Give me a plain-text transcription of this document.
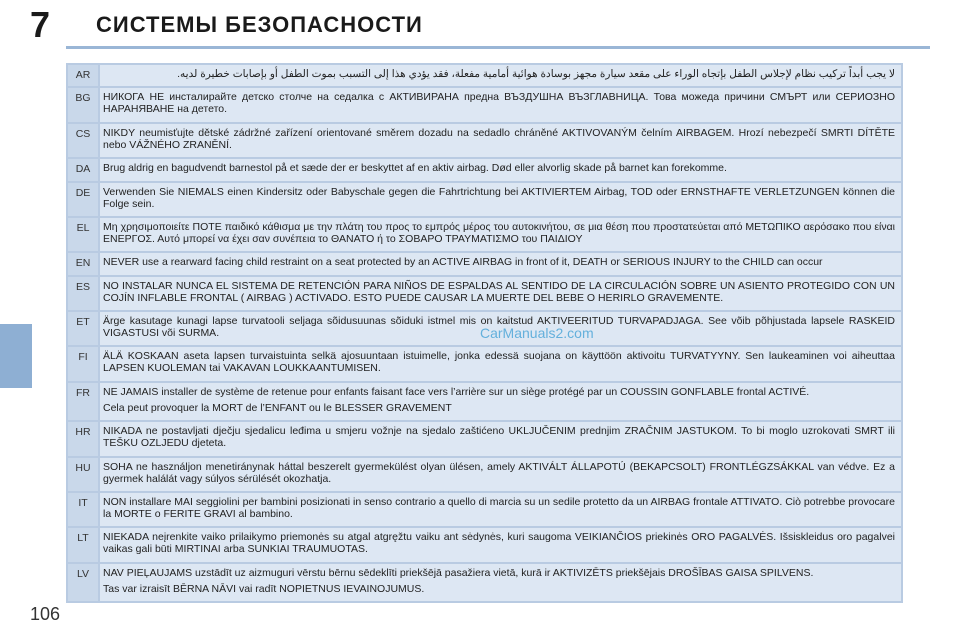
7 СИСТЕМЫ БЕЗОПАСНОСТИ
AR	لا يجب أبداً تركيب نظام لإجلاس الطفل بإتجاه الوراء على مقعد سيارة مجهز بوسادة هوائية أمامية مفعلة، فقد يؤدي هذا إلى التسبب بموت الطفل أو بإصابات خطيرة لديه.
BG	НИКОГА НЕ инсталирайте детско столче на седалка с АКТИВИРАНА предна ВЪЗДУШНА ВЪЗГЛАВНИЦА. Това можеда причини СМЪРТ или СЕРИОЗНО НАРАНЯВАНЕ на детето.
CS	NIKDY neumisťujte dětské zádržné zařízení orientované směrem dozadu na sedadlo chráněné AKTIVOVANÝM čelním AIRBAGEM. Hrozí nebezpečí SMRTI DÍTĚTE nebo VÁŽNÉHO ZRANĚNÍ.
DA	Brug aldrig en bagudvendt barnestol på et sæde der er beskyttet af en aktiv airbag. Død eller alvorlig skade på barnet kan forekomme.
DE	Verwenden Sie NIEMALS einen Kindersitz oder Babyschale gegen die Fahrtrichtung bei AKTIVIERTEM Airbag, TOD oder ERNSTHAFTE VERLETZUNGEN können die Folge sein.
EL	Μη χρησιμοποιείτε ΠΟΤΕ παιδικό κάθισμα με την πλάτη του προς το εμπρός μέρος του αυτοκινήτου, σε μια θέση που προστατεύεται από ΜΕΤΩΠΙΚΟ αερόσακο που είναι ΕΝΕΡΓΟΣ. Αυτό μπορεί να έχει σαν συνέπεια το ΘΑΝΑΤΟ ή το ΣΟΒΑΡΟ ΤΡΑΥΜΑΤΙΣΜΟ του ΠΑΙΔΙΟΥ
EN	NEVER use a rearward facing child restraint on a seat protected by an ACTIVE AIRBAG in front of it, DEATH or SERIOUS INJURY to the CHILD can occur
ES	NO INSTALAR NUNCA EL SISTEMA DE RETENCIÓN PARA NIÑOS DE ESPALDAS AL SENTIDO DE LA CIRCULACIÓN SOBRE UN ASIENTO PROTEGIDO CON UN COJÍN INFLABLE FRONTAL ( AIRBAG ) ACTIVADO. ESTO PUEDE CAUSAR LA MUERTE DEL BEBE O HERIRLO GRAVEMENTE.
ET	Ärge kasutage kunagi lapse turvatooli seljaga sõidusuunas sõiduki istmel mis on kaitstud AKTIVEERITUD TURVAPADJAGA. See võib põhjustada lapsele RASKEID VIGASTUSI või SURMA.
FI	ÄLÄ KOSKAAN aseta lapsen turvaistuinta selkä ajosuuntaan istuimelle, jonka edessä suojana on käyttöön aktivoitu TURVATYYNY. Sen laukeaminen voi aiheuttaa LAPSEN KUOLEMAN tai VAKAVAN LOUKKAANTUMISEN.
FR	NE JAMAIS installer de système de retenue pour enfants faisant face vers l’arrière sur un siège protégé par un COUSSIN GONFLABLE frontal ACTIVÉ.
Cela peut provoquer la MORT de l’ENFANT ou le BLESSER GRAVEMENT
HR	NIKADA ne postavljati dječju sjedalicu leđima u smjeru vožnje na sjedalo zaštićeno UKLJUČENIM prednjim ZRAČNIM JASTUKOM. To bi moglo uzrokovati SMRT ili TEŠKU OZLJEDU djeteta.
HU	SOHA ne használjon menetiránynak háttal beszerelt gyermekülést olyan ülésen, amely AKTIVÁLT ÁLLAPOTÚ (BEKAPCSOLT) FRONTLÉGZSÁKKAL van védve. Ez a gyermek halálát vagy súlyos sérülését okozhatja.
IT	NON installare MAI seggiolini per bambini posizionati in senso contrario a quello di marcia su un sedile protetto da un AIRBAG frontale ATTIVATO. Ciò potrebbe provocare la MORTE o FERITE GRAVI al bambino.
LT	NIEKADA neįrenkite vaiko prilaikymo priemonės su atgal atgręžtu vaiku ant sėdynės, kuri saugoma VEIKIANČIOS priekinės ORO PAGALVĖS. Išsiskleidus oro pagalvei vaikas gali būti MIRTINAI arba SUNKIAI TRAUMUOTAS.
LV	NAV PIEĻAUJAMS uzstādīt uz aizmuguri vērstu bērnu sēdeklīti priekšējā pasažiera vietā, kurā ir AKTIVIZĒTS priekšējais DROŠĪBAS GAISA SPILVENS.
Tas var izraisīt BĒRNA NĀVI vai radīt NOPIETNUS IEVAINOJUMUS.
CarManuals2.com
106
